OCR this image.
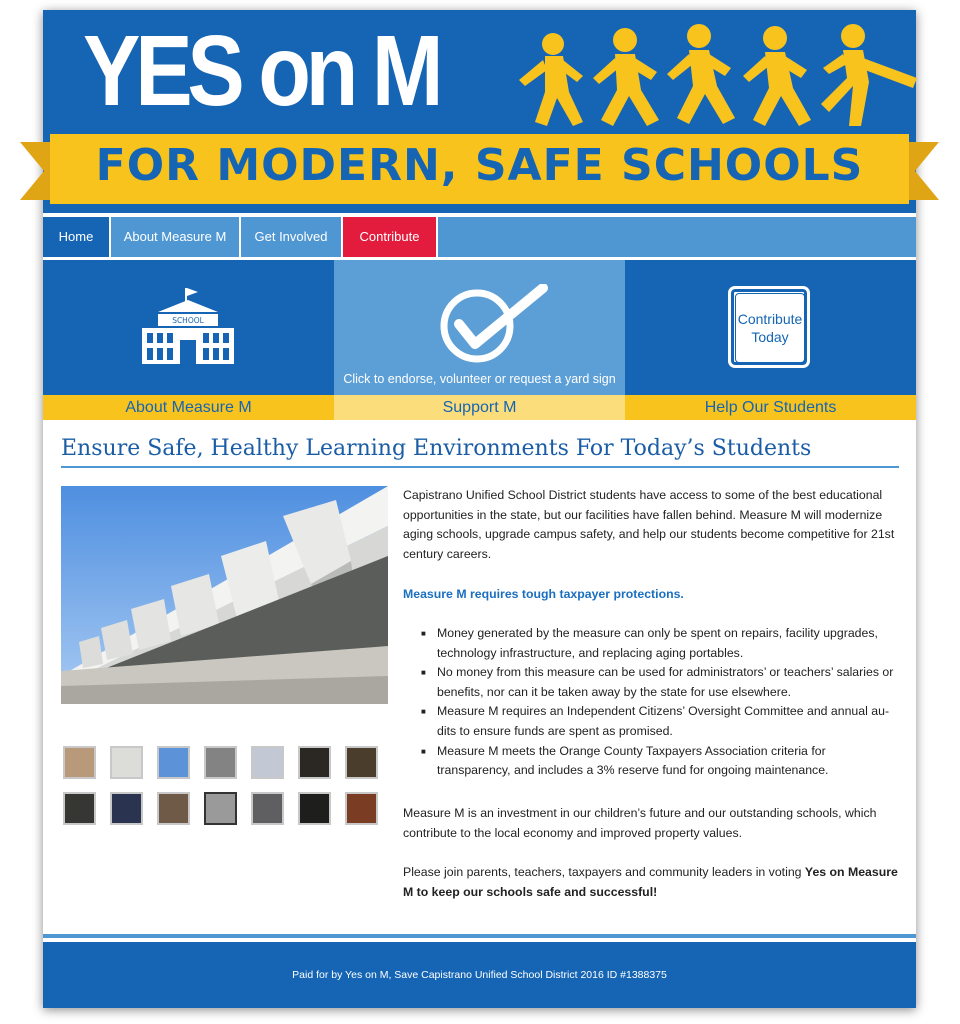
YES on M
FOR MODERN, SAFE SCHOOLS
Home	About Measure M	Get Involved	Contribute
SCHOOL
About Measure M
Click to endorse, volunteer or request a yard sign
Support M
Contribute Today
Help Our Students
Ensure Safe, Healthy Learning Environments For Today’s Students

Capistrano Unified School District students have access to some of the best educational opportunities in the state, but our facilities have fallen behind. Measure M will modernize aging schools, upgrade campus safety, and help our students become competitive for 21st century careers.

Measure M requires tough taxpayer protections.

■ Money generated by the measure can only be spent on repairs, facility upgrades, technology infrastructure, and replacing aging portables.
■ No money from this measure can be used for administrators’ or teachers’ salaries or benefits, nor can it be taken away by the state for use elsewhere.
■ Measure M requires an Independent Citizens’ Oversight Committee and annual au-dits to ensure funds are spent as promised.
■ Measure M meets the Orange County Taxpayers Association criteria for transparency, and includes a 3% reserve fund for ongoing maintenance.

Measure M is an investment in our children’s future and our outstanding schools, which contribute to the local economy and improved property values.

Please join parents, teachers, taxpayers and community leaders in voting Yes on Measure M to keep our schools safe and successful!

Paid for by Yes on M, Save Capistrano Unified School District 2016 ID #1388375
